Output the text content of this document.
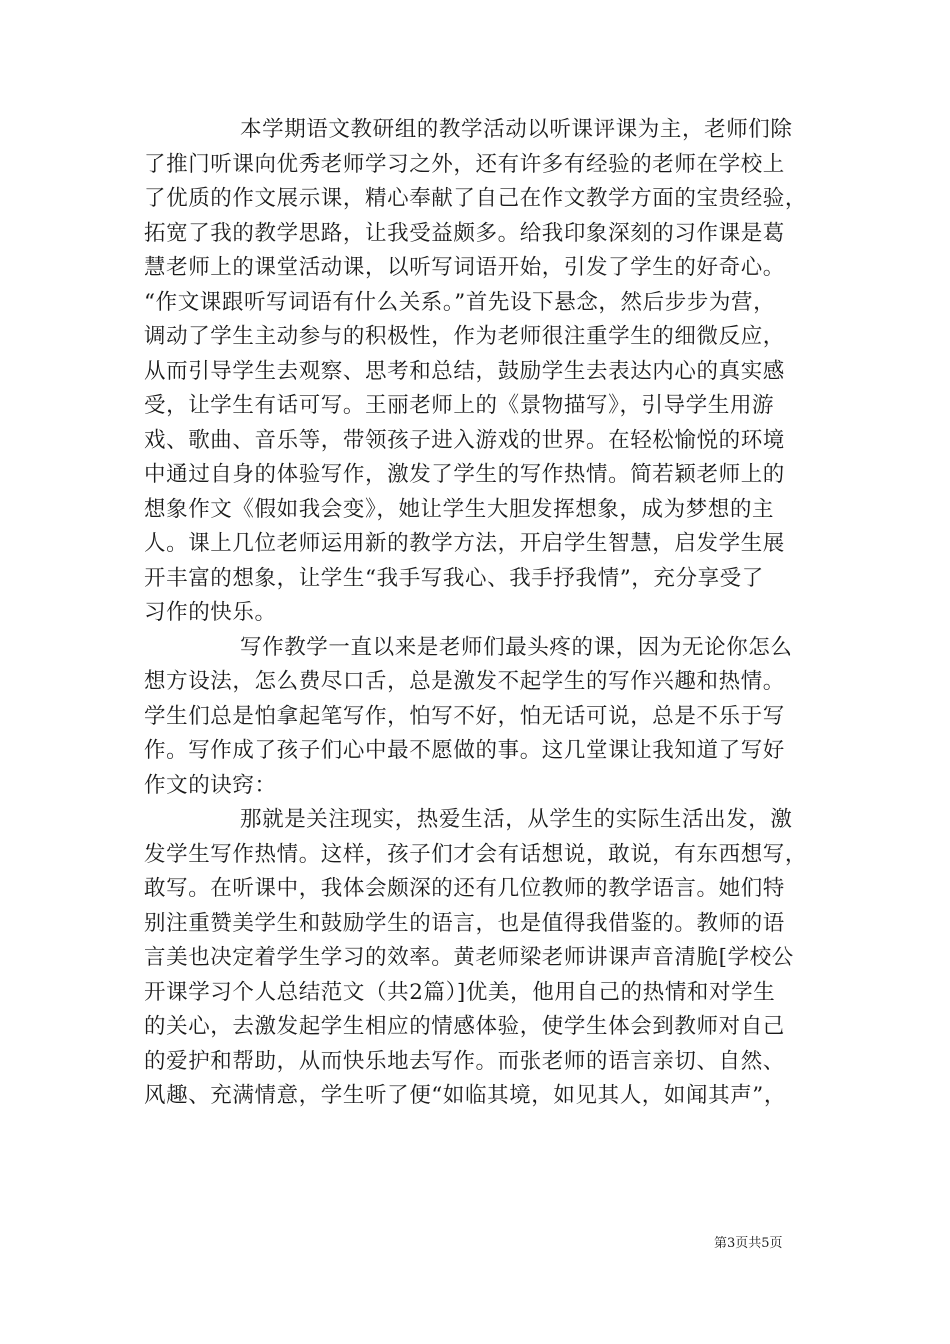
本学期语文教研组的教学活动以听课评课为主，老师们除
了推门听课向优秀老师学习之外，还有许多有经验的老师在学校上
了优质的作文展示课，精心奉献了自己在作文教学方面的宝贵经验，
拓宽了我的教学思路，让我受益颇多。给我印象深刻的习作课是葛
慧老师上的课堂活动课，以听写词语开始，引发了学生的好奇心。
“作文课跟听写词语有什么关系。”首先设下悬念，然后步步为营，
调动了学生主动参与的积极性，作为老师很注重学生的细微反应，
从而引导学生去观察、思考和总结，鼓励学生去表达内心的真实感
受，让学生有话可写。王丽老师上的《景物描写》，引导学生用游
戏、歌曲、音乐等，带领孩子进入游戏的世界。在轻松愉悦的环境
中通过自身的体验写作，激发了学生的写作热情。简若颖老师上的
想象作文《假如我会变》，她让学生大胆发挥想象，成为梦想的主
人。课上几位老师运用新的教学方法，开启学生智慧，启发学生展
开丰富的想象，让学生“我手写我心、我手抒我情”，充分享受了
习作的快乐。
写作教学一直以来是老师们最头疼的课，因为无论你怎么
想方设法，怎么费尽口舌，总是激发不起学生的写作兴趣和热情。
学生们总是怕拿起笔写作，怕写不好，怕无话可说，总是不乐于写
作。写作成了孩子们心中最不愿做的事。这几堂课让我知道了写好
作文的诀窍：
那就是关注现实，热爱生活，从学生的实际生活出发，激
发学生写作热情。这样，孩子们才会有话想说，敢说，有东西想写，
敢写。在听课中，我体会颇深的还有几位教师的教学语言。她们特
别注重赞美学生和鼓励学生的语言，也是值得我借鉴的。教师的语
言美也决定着学生学习的效率。黄老师梁老师讲课声音清脆[学校公
开课学习个人总结范文（共2篇）]优美，他用自己的热情和对学生
的关心，去激发起学生相应的情感体验，使学生体会到教师对自己
的爱护和帮助，从而快乐地去写作。而张老师的语言亲切、自然、
风趣、充满情意，学生听了便“如临其境，如见其人，如闻其声”，
第3页共5页
